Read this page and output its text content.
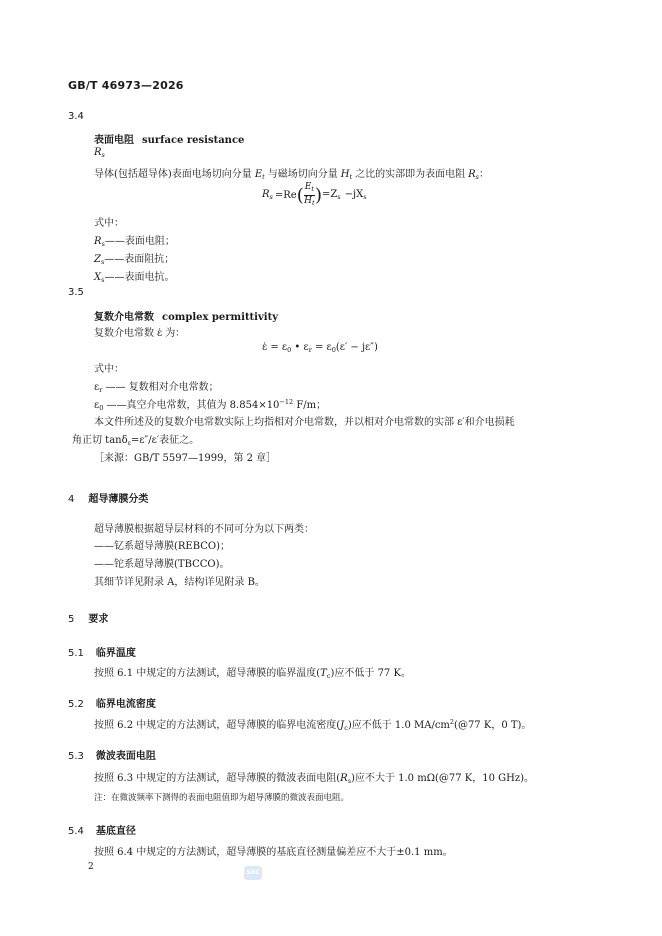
GB/T 46973—2026
3.4
表面电阻 surface resistance
$R_s$
导体(包括超导体)表面电场切向分量 $E_t$ 与磁场切向分量 $H_t$ 之比的实部即为表面电阻 $R_s$：
$R_s =Re$ ( $\frac{E_t}{H_t}$ ) $=Z_s -jX_s$
式中：
$R_s——$表面电阻；
$Z_s——$表面阻抗；
$X_s——$表面电抗。
3.5
复数介电常数 complex permittivity
复数介电常数 ε̇ 为：
ε̇ = $\varepsilon_0$ • $\varepsilon_r = \varepsilon_0(\varepsilon' - j\varepsilon'')$
式中：
$\varepsilon_r$ —— 复数相对介电常数；
$\varepsilon_0$ ——真空介电常数，其值为 $8.854\times 10^{-12}$ F/m；
本文件所述及的复数介电常数实际上均指相对介电常数，并以相对介电常数的实部 ε′和介电损耗
角正切 tanδ$_\varepsilon$=ε″/ε′表征之。
［来源：GB/T 5597—1999，第 2 章］
4 超导薄膜分类
超导薄膜根据超导层材料的不同可分为以下两类：
——钇系超导薄膜(REBCO)；
——铊系超导薄膜(TBCCO)。
其细节详见附录 A，结构详见附录 B。
5 要求
5.1 临界温度
按照 6.1 中规定的方法测试，超导薄膜的临界温度$(T_c)$应不低于 77 K。
5.2 临界电流密度
按照 6.2 中规定的方法测试，超导薄膜的临界电流密度$(J_c)$应不低于 1.0 $MA/cm^2(@77$ K，0 T)。
5.3 微波表面电阻
按照 6.3 中规定的方法测试，超导薄膜的微波表面电阻$(R_s)$应不大于 1.0 mΩ(@77 K，10 GHz)。
注：在微波频率下测得的表面电阻值即为超导薄膜的微波表面电阻。
5.4 基底直径
按照 6.4 中规定的方法测试，超导薄膜的基底直径测量偏差应不大于±0.1 mm。
2
SAC
